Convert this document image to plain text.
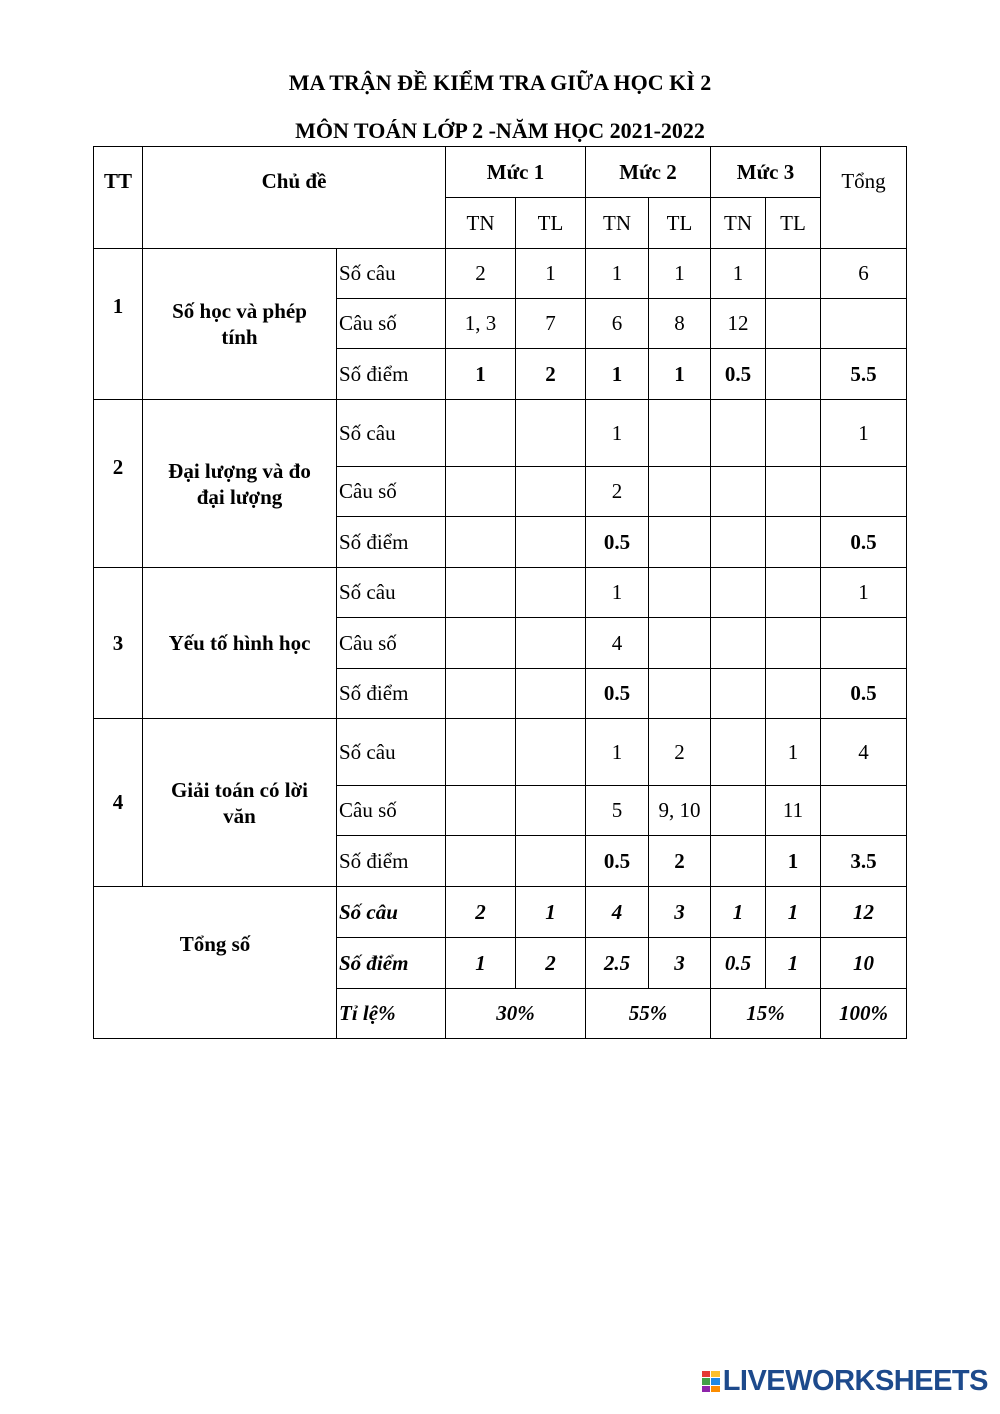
MA TRẬN ĐỀ KIỂM TRA GIỮA HỌC KÌ 2
MÔN TOÁN LỚP 2 -NĂM HỌC 2021-2022
TT	Chủ đề		Mức 1		Mức 2		Mức 3		Tổng
			TN	TL	TN	TL	TN	TL	
1	Số học và phép tính	Số câu	2	1	1	1	1		6
		Câu số	1, 3	7	6	8	12		
		Số điểm	1	2	1	1	0.5		5.5
2	Đại lượng và đo đại lượng	Số câu			1				1
		Câu số			2				
		Số điểm			0.5				0.5
3	Yếu tố hình học	Số câu			1				1
		Câu số			4				
		Số điểm			0.5				0.5
4	Giải toán có lời văn	Số câu			1	2		1	4
		Câu số			5	9, 10		11	
		Số điểm			0.5	2		1	3.5
Tổng số		Số câu	2	1	4	3	1	1	12
		Số điểm	1	2	2.5	3	0.5	1	10
		Tỉ lệ%	30%		55%		15%		100%
LIVEWORKSHEETS
